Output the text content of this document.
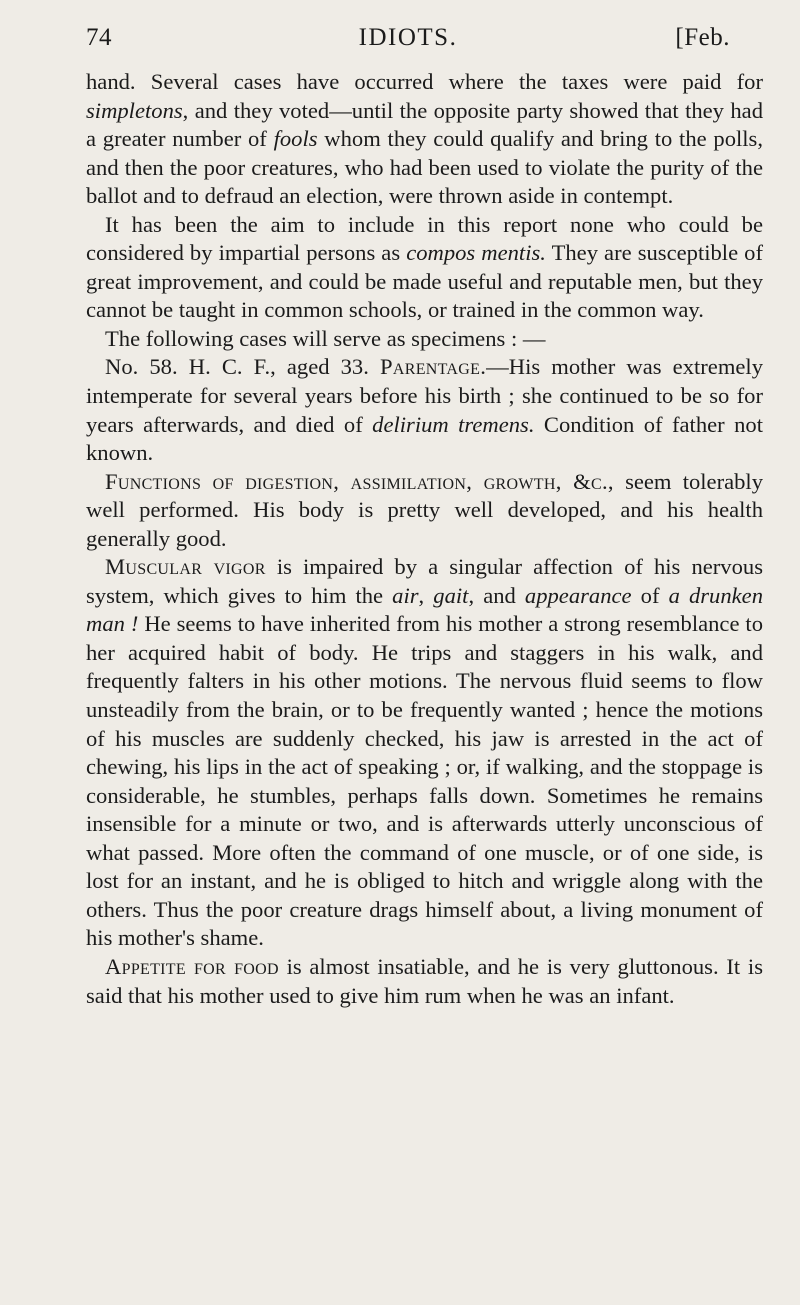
74	IDIOTS.	[Feb.

hand. Several cases have occurred where the taxes were paid for simpletons, and they voted—until the opposite party showed that they had a greater number of fools whom they could qualify and bring to the polls, and then the poor creatures, who had been used to violate the purity of the ballot and to defraud an election, were thrown aside in contempt.

It has been the aim to include in this report none who could be considered by impartial persons as compos mentis. They are susceptible of great improvement, and could be made useful and reputable men, but they cannot be taught in common schools, or trained in the common way.

The following cases will serve as specimens : —

No. 58. H. C. F., aged 33. Parentage.—His mother was extremely intemperate for several years before his birth ; she continued to be so for years afterwards, and died of delirium tremens. Condition of father not known.

Functions of digestion, assimilation, growth, &c., seem tolerably well performed. His body is pretty well developed, and his health generally good.

Muscular vigor is impaired by a singular affection of his nervous system, which gives to him the air, gait, and appearance of a drunken man ! He seems to have inherited from his mother a strong resemblance to her acquired habit of body. He trips and staggers in his walk, and frequently falters in his other motions. The nervous fluid seems to flow unsteadily from the brain, or to be frequently wanted ; hence the motions of his muscles are suddenly checked, his jaw is arrested in the act of chewing, his lips in the act of speaking ; or, if walking, and the stoppage is considerable, he stumbles, perhaps falls down. Sometimes he remains insensible for a minute or two, and is afterwards utterly unconscious of what passed. More often the command of one muscle, or of one side, is lost for an instant, and he is obliged to hitch and wriggle along with the others. Thus the poor creature drags himself about, a living monument of his mother's shame.

Appetite for food is almost insatiable, and he is very gluttonous. It is said that his mother used to give him rum when he was an infant.
